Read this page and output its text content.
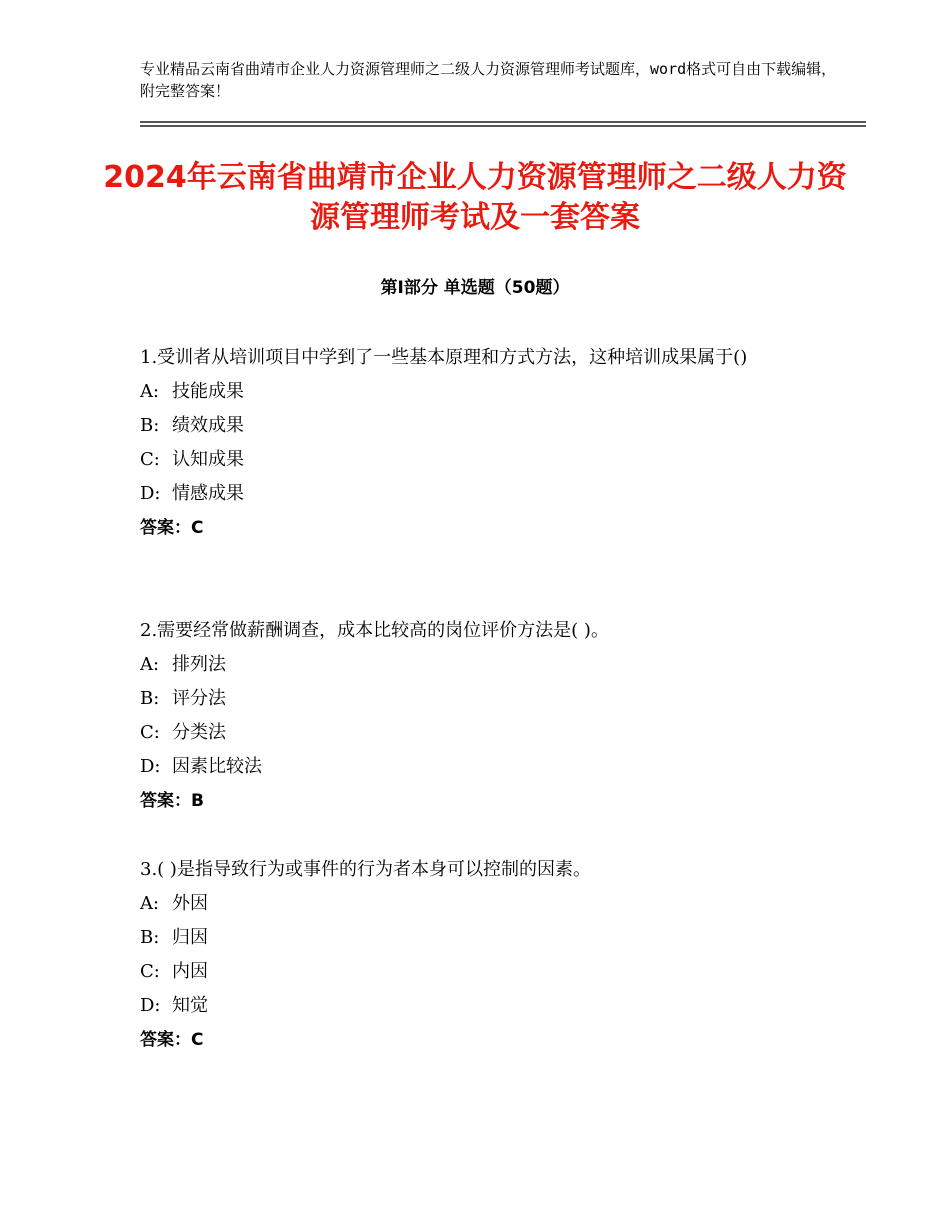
专业精品云南省曲靖市企业人力资源管理师之二级人力资源管理师考试题库，word格式可自由下载编辑，附完整答案！
2024年云南省曲靖市企业人力资源管理师之二级人力资源管理师考试及一套答案
第Ⅰ部分 单选题（50题）
1.受训者从培训项目中学到了一些基本原理和方式方法，这种培训成果属于()
A: 技能成果
B: 绩效成果
C: 认知成果
D: 情感成果
答案：C
2.需要经常做薪酬调查，成本比较高的岗位评价方法是( )。
A: 排列法
B: 评分法
C: 分类法
D: 因素比较法
答案：B
3.( )是指导致行为或事件的行为者本身可以控制的因素。
A: 外因
B: 归因
C: 内因
D: 知觉
答案：C
